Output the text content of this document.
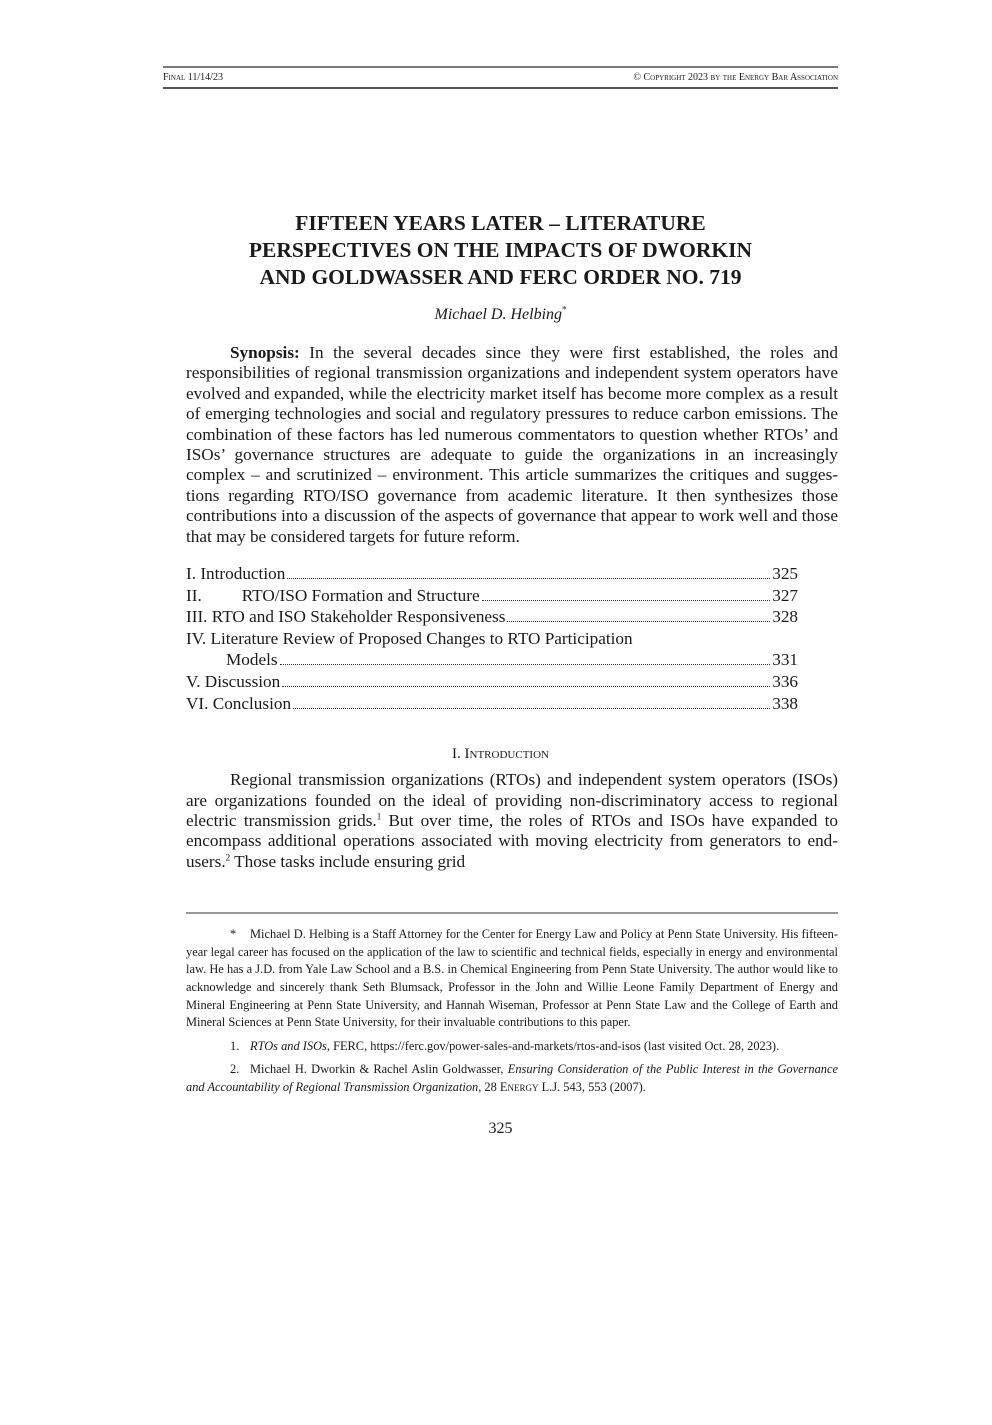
Final 11/14/23	© Copyright 2023 by the Energy Bar Association
FIFTEEN YEARS LATER – LITERATURE
PERSPECTIVES ON THE IMPACTS OF DWORKIN
AND GOLDWASSER AND FERC ORDER NO. 719
Michael D. Helbing*

Synopsis: In the several decades since they were first established, the roles and responsibilities of regional transmission organizations and independent system operators have evolved and expanded, while the electricity market itself has become more complex as a result of emerging technologies and social and regulatory pressures to reduce carbon emissions. The combination of these factors has led numerous commentators to question whether RTOs’ and ISOs’ governance structures are adequate to guide the organizations in an increasingly complex – and scrutinized – environment. This article summarizes the critiques and suggestions regarding RTO/ISO governance from academic literature. It then synthesizes those contributions into a discussion of the aspects of governance that appear to work well and those that may be considered targets for future reform.

I. Introduction	325
II. RTO/ISO Formation and Structure	327
III. RTO and ISO Stakeholder Responsiveness	328
IV. Literature Review of Proposed Changes to RTO Participation
Models	331
V. Discussion	336
VI. Conclusion	338
I. Introduction

Regional transmission organizations (RTOs) and independent system operators (ISOs) are organizations founded on the ideal of providing non-discriminatory access to regional electric transmission grids.$^1$ But over time, the roles of RTOs and ISOs have expanded to encompass additional operations associated with moving electricity from generators to end-users.$^2$ Those tasks include ensuring grid

* Michael D. Helbing is a Staff Attorney for the Center for Energy Law and Policy at Penn State University. His fifteen-year legal career has focused on the application of the law to scientific and technical fields, especially in energy and environmental law. He has a J.D. from Yale Law School and a B.S. in Chemical Engineering from Penn State University. The author would like to acknowledge and sincerely thank Seth Blumsack, Professor in the John and Willie Leone Family Department of Energy and Mineral Engineering at Penn State University, and Hannah Wiseman, Professor at Penn State Law and the College of Earth and Mineral Sciences at Penn State University, for their invaluable contributions to this paper.

1. RTOs and ISOs, FERC, https://ferc.gov/power-sales-and-markets/rtos-and-isos (last visited Oct. 28, 2023).

2. Michael H. Dworkin & Rachel Aslin Goldwasser, Ensuring Consideration of the Public Interest in the Governance and Accountability of Regional Transmission Organization, 28 Energy L.J. 543, 553 (2007).

325
